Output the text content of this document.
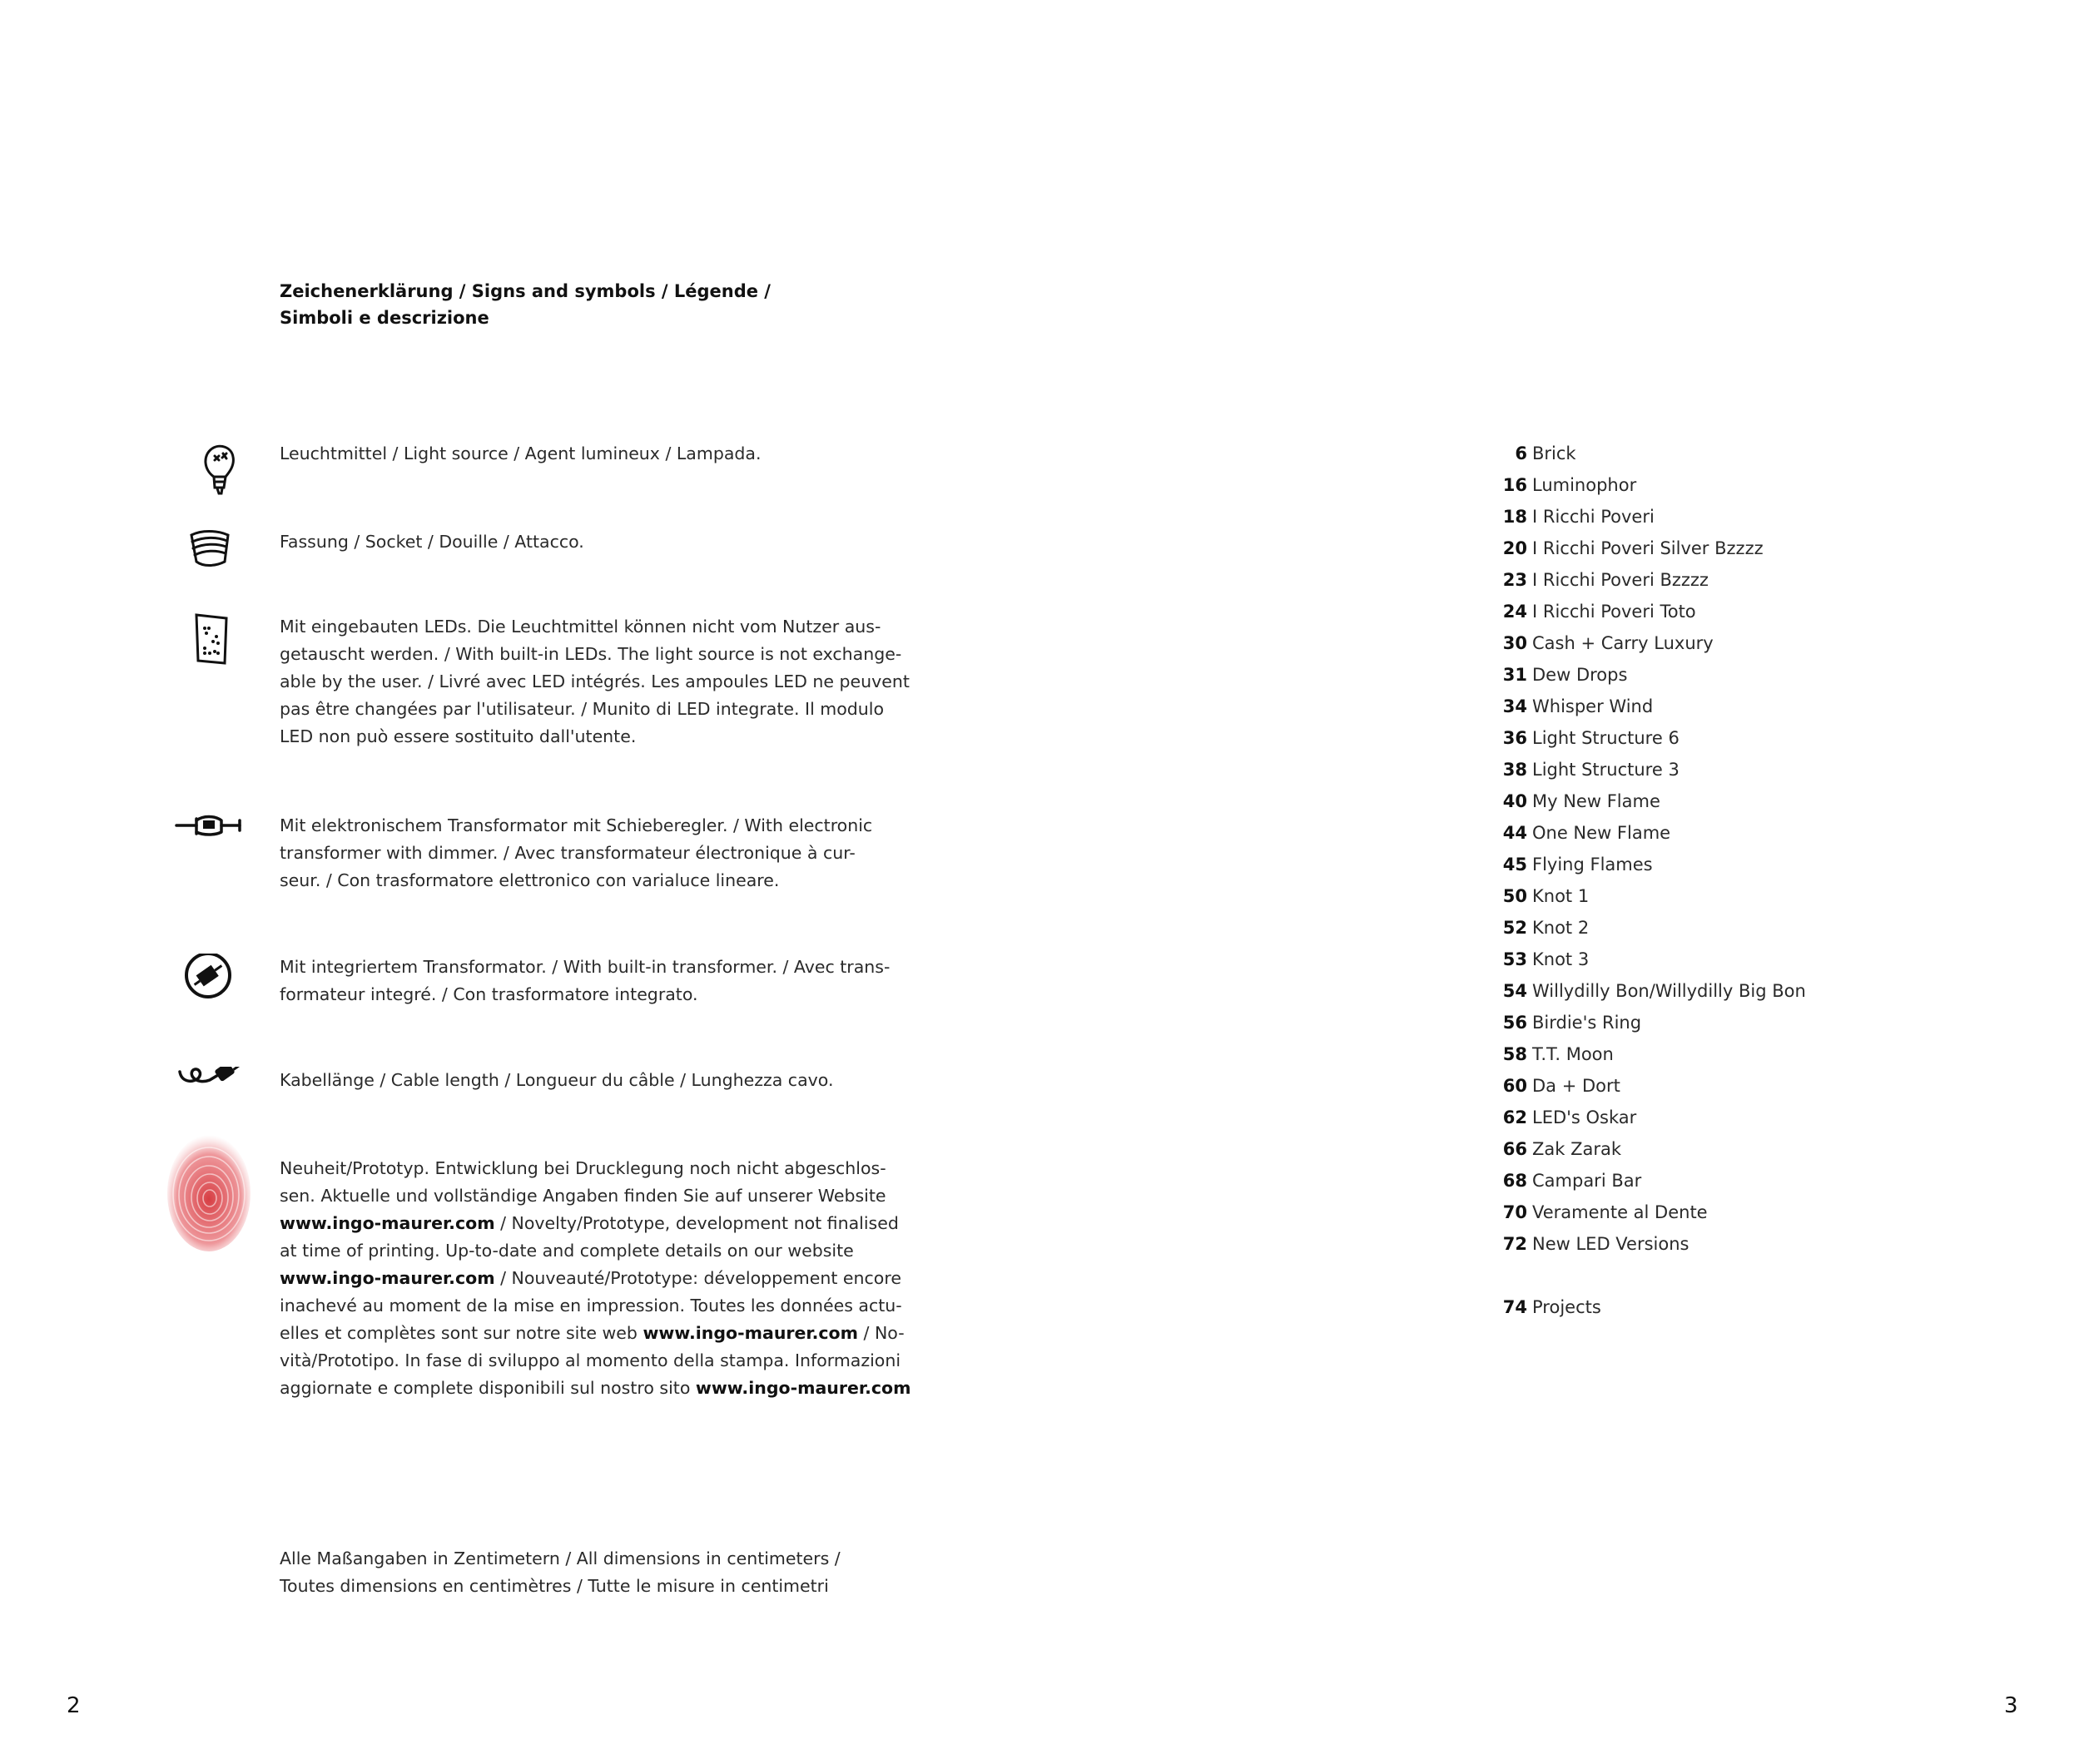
Zeichenerklärung / Signs and symbols / Légende /
Simboli e descrizione
Leuchtmittel / Light source / Agent lumineux / Lampada.
Fassung / Socket / Douille / Attacco.
Mit eingebauten LEDs. Die Leuchtmittel können nicht vom Nutzer aus-
getauscht werden. / With built-in LEDs. The light source is not exchange-
able by the user. / Livré avec LED intégrés. Les ampoules LED ne peuvent
pas être changées par l'utilisateur. / Munito di LED integrate. Il modulo
LED non può essere sostituito dall'utente.
Mit elektronischem Transformator mit Schieberegler. / With electronic
transformer with dimmer. / Avec transformateur électronique à cur-
seur. / Con trasformatore elettronico con varialuce lineare.
Mit integriertem Transformator. / With built-in transformer. / Avec trans-
formateur integré. / Con trasformatore integrato.
Kabellänge / Cable length / Longueur du câble / Lunghezza cavo.
Neuheit/Prototyp. Entwicklung bei Drucklegung noch nicht abgeschlos-
sen. Aktuelle und vollständige Angaben finden Sie auf unserer Website
www.ingo-maurer.com / Novelty/Prototype, development not finalised
at time of printing. Up-to-date and complete details on our website
www.ingo-maurer.com / Nouveauté/Prototype: développement encore
inachevé au moment de la mise en impression. Toutes les données actu-
elles et complètes sont sur notre site web www.ingo-maurer.com / No-
vità/Prototipo. In fase di sviluppo al momento della stampa. Informazioni
aggiornate e complete disponibili sul nostro sito www.ingo-maurer.com
Alle Maßangaben in Zentimetern / All dimensions in centimeters /
Toutes dimensions en centimètres / Tutte le misure in centimetri
2
6 Brick
16 Luminophor
18 I Ricchi Poveri
20 I Ricchi Poveri Silver Bzzzz
23 I Ricchi Poveri Bzzzz
24 I Ricchi Poveri Toto
30 Cash + Carry Luxury
31 Dew Drops
34 Whisper Wind
36 Light Structure 6
38 Light Structure 3
40 My New Flame
44 One New Flame
45 Flying Flames
50 Knot 1
52 Knot 2
53 Knot 3
54 Willydilly Bon/Willydilly Big Bon
56 Birdie's Ring
58 T.T. Moon
60 Da + Dort
62 LED's Oskar
66 Zak Zarak
68 Campari Bar
70 Veramente al Dente
72 New LED Versions
74 Projects
3
